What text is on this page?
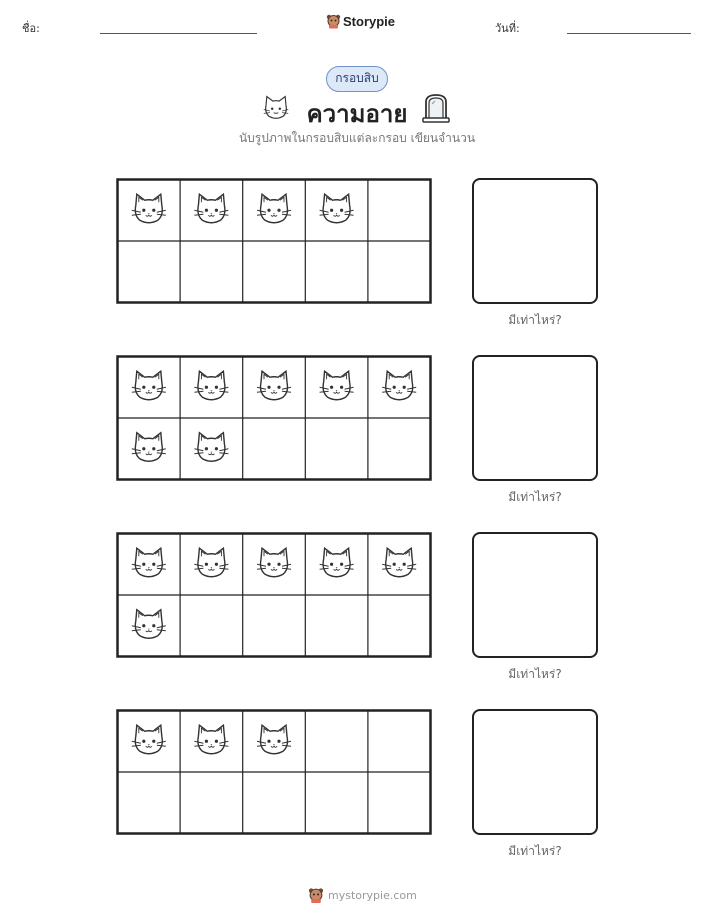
ชื่อ:	Storypie	วันที่:
กรอบสิบ
ความอาย
นับรูปภาพในกรอบสิบแต่ละกรอบ เขียนจำนวน
มีเท่าไหร่?
มีเท่าไหร่?
มีเท่าไหร่?
มีเท่าไหร่?
mystorypie.com
